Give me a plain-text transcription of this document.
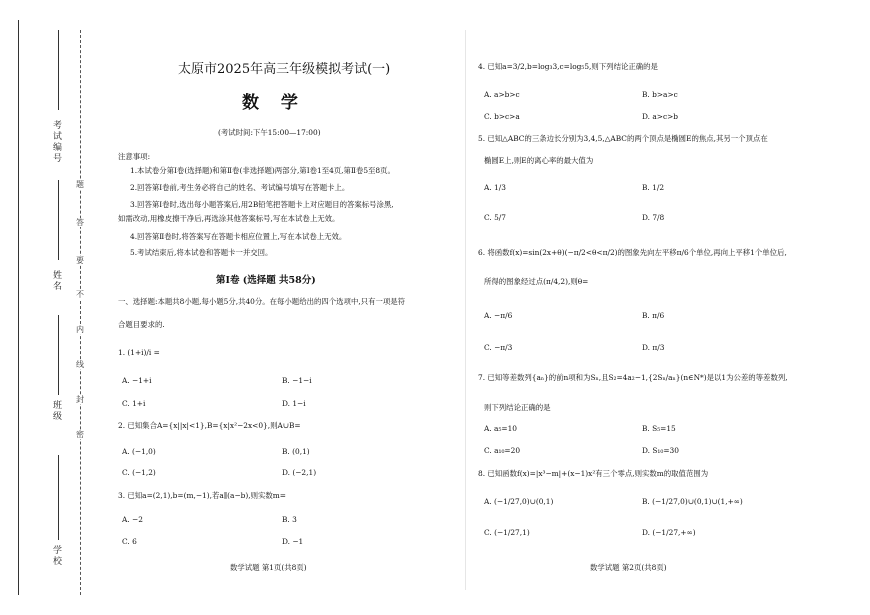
考试编号
姓名
班级
学校
题
答
要
不
内
线
封
密
太原市2025年高三年级模拟考试(一)
数 学
(考试时间:下午15:00—17:00)
注意事项:
1.本试卷分第Ⅰ卷(选择题)和第Ⅱ卷(非选择题)两部分,第Ⅰ卷1至4页,第Ⅱ卷5至8页。
2.回答第Ⅰ卷前,考生务必将自己的姓名、考试编号填写在答题卡上。
3.回答第Ⅰ卷时,选出每小题答案后,用2B铅笔把答题卡上对应题目的答案标号涂黑,
如需改动,用橡皮擦干净后,再选涂其他答案标号,写在本试卷上无效。
4.回答第Ⅱ卷时,将答案写在答题卡相应位置上,写在本试卷上无效。
5.考试结束后,将本试卷和答题卡一并交回。
第Ⅰ卷 (选择题 共58分)
一、选择题:本题共8小题,每小题5分,共40分。在每小题给出的四个选项中,只有一项是符
合题目要求的.
1. (1+i)/i =
A. −1+i	B. −1−i
C. 1+i	D. 1−i
2. 已知集合A={x||x|<1},B={x|x²−2x<0},则A∪B=
A. (−1,0)	B. (0,1)
C. (−1,2)	D. (−2,1)
3. 已知a=(2,1),b=(m,−1),若a∥(a−b),则实数m=
A. −2	B. 3
C. 6	D. −1
数学试题 第1页(共8页)
4. 已知a=3/2,b=log₃3,c=log₅5,则下列结论正确的是
A. a>b>c	B. b>a>c
C. b>c>a	D. a>c>b
5. 已知△ABC的三条边长分别为3,4,5,△ABC的两个顶点是椭圆E的焦点,其另一个顶点在
椭圆E上,则E的离心率的最大值为
A. 1/3	B. 1/2
C. 5/7	D. 7/8
6. 将函数f(x)=sin(2x+θ)(−π/2<θ<π/2)的图象先向左平移π/6个单位,再向上平移1个单位后,
所得的图象经过点(π/4,2),则θ=
A. −π/6	B. π/6
C. −π/3	D. π/3
7. 已知等差数列{aₙ}的前n项和为Sₙ,且S₂=4a₂−1,{2Sₙ/aₙ}(n∈N*)是以1为公差的等差数列,
则下列结论正确的是
A. a₅=10	B. S₅=15
C. a₁₀=20	D. S₁₀=30
8. 已知函数f(x)=|x³−m|+(x−1)x²有三个零点,则实数m的取值范围为
A. (−1/27,0)∪(0,1)	B. (−1/27,0)∪(0,1)∪(1,+∞)
C. (−1/27,1)	D. (−1/27,+∞)
数学试题 第2页(共8页)
